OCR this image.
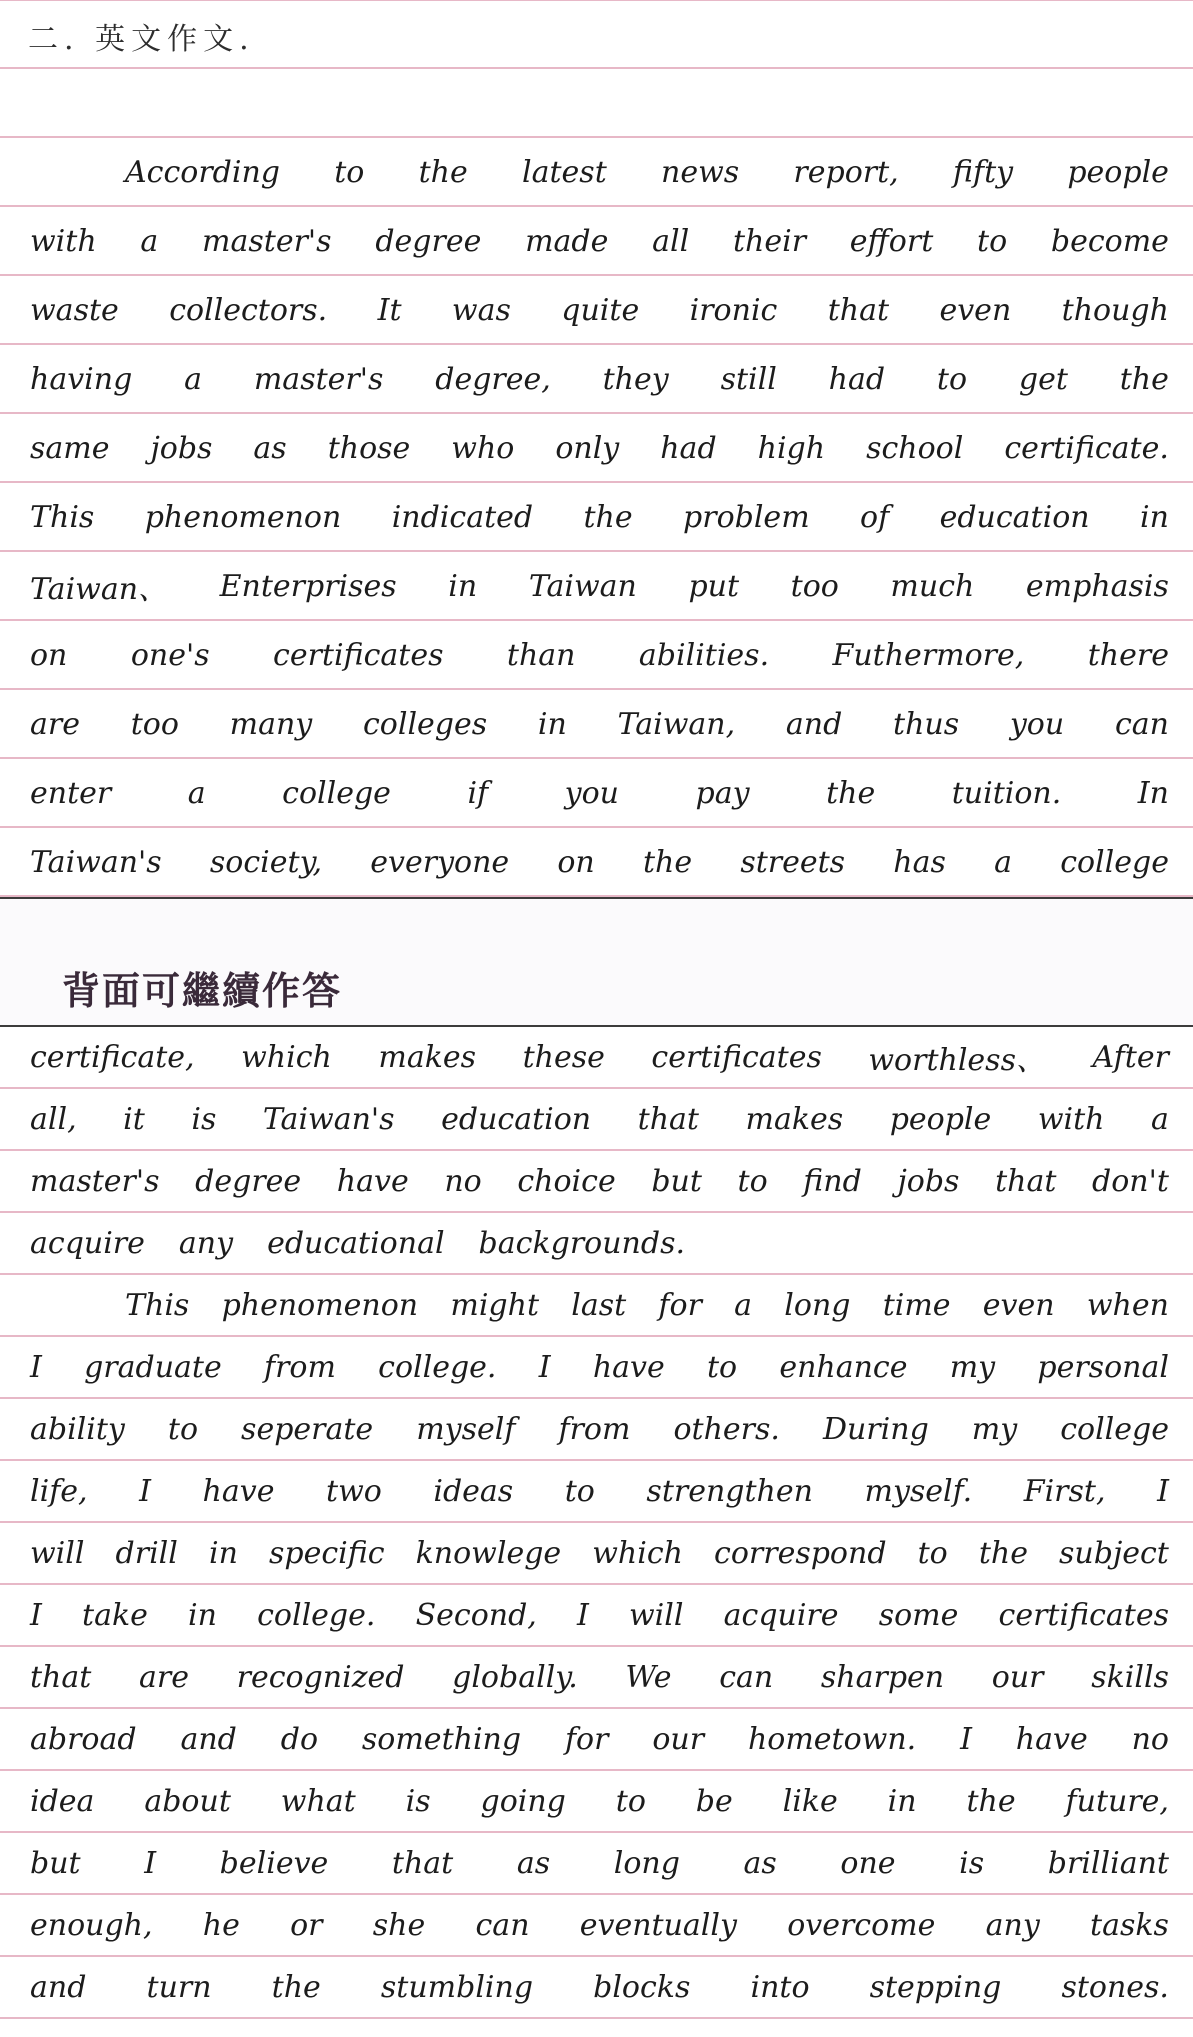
二. 英文作文.
According to the latest news report, fifty people
with a master's degree made all their effort to become
waste collectors. It was quite ironic that even though
having a master's degree, they still had to get the
same jobs as those who only had high school certificate.
This phenomenon indicated the problem of education in
Taiwan、 Enterprises in Taiwan put too much emphasis
on one's certificates than abilities. Futhermore, there
are too many colleges in Taiwan, and thus you can
enter	a	college	if	you	pay	the	tuition.	In
Taiwan's society, everyone on the streets has a college
背面可繼續作答
certificate, which makes these certificates worthless、 After
all, it is Taiwan's education that makes people with a
master's degree have no choice but to find jobs that don't
acquire any educational backgrounds.
This phenomenon might last for a long time even when
I graduate from college. I have to enhance my personal
ability to seperate myself from others. During my college
life, I have two ideas to strengthen myself. First, I
will drill in specific knowlege which correspond to the subject
I take in college. Second, I will acquire some certificates
that are recognized globally. We can sharpen our skills
abroad and do something for our hometown. I have no
idea about what is going to be like in the future,
but I believe that as long as one is brilliant
enough, he or she can eventually overcome any tasks
and turn the stumbling blocks into stepping stones.
